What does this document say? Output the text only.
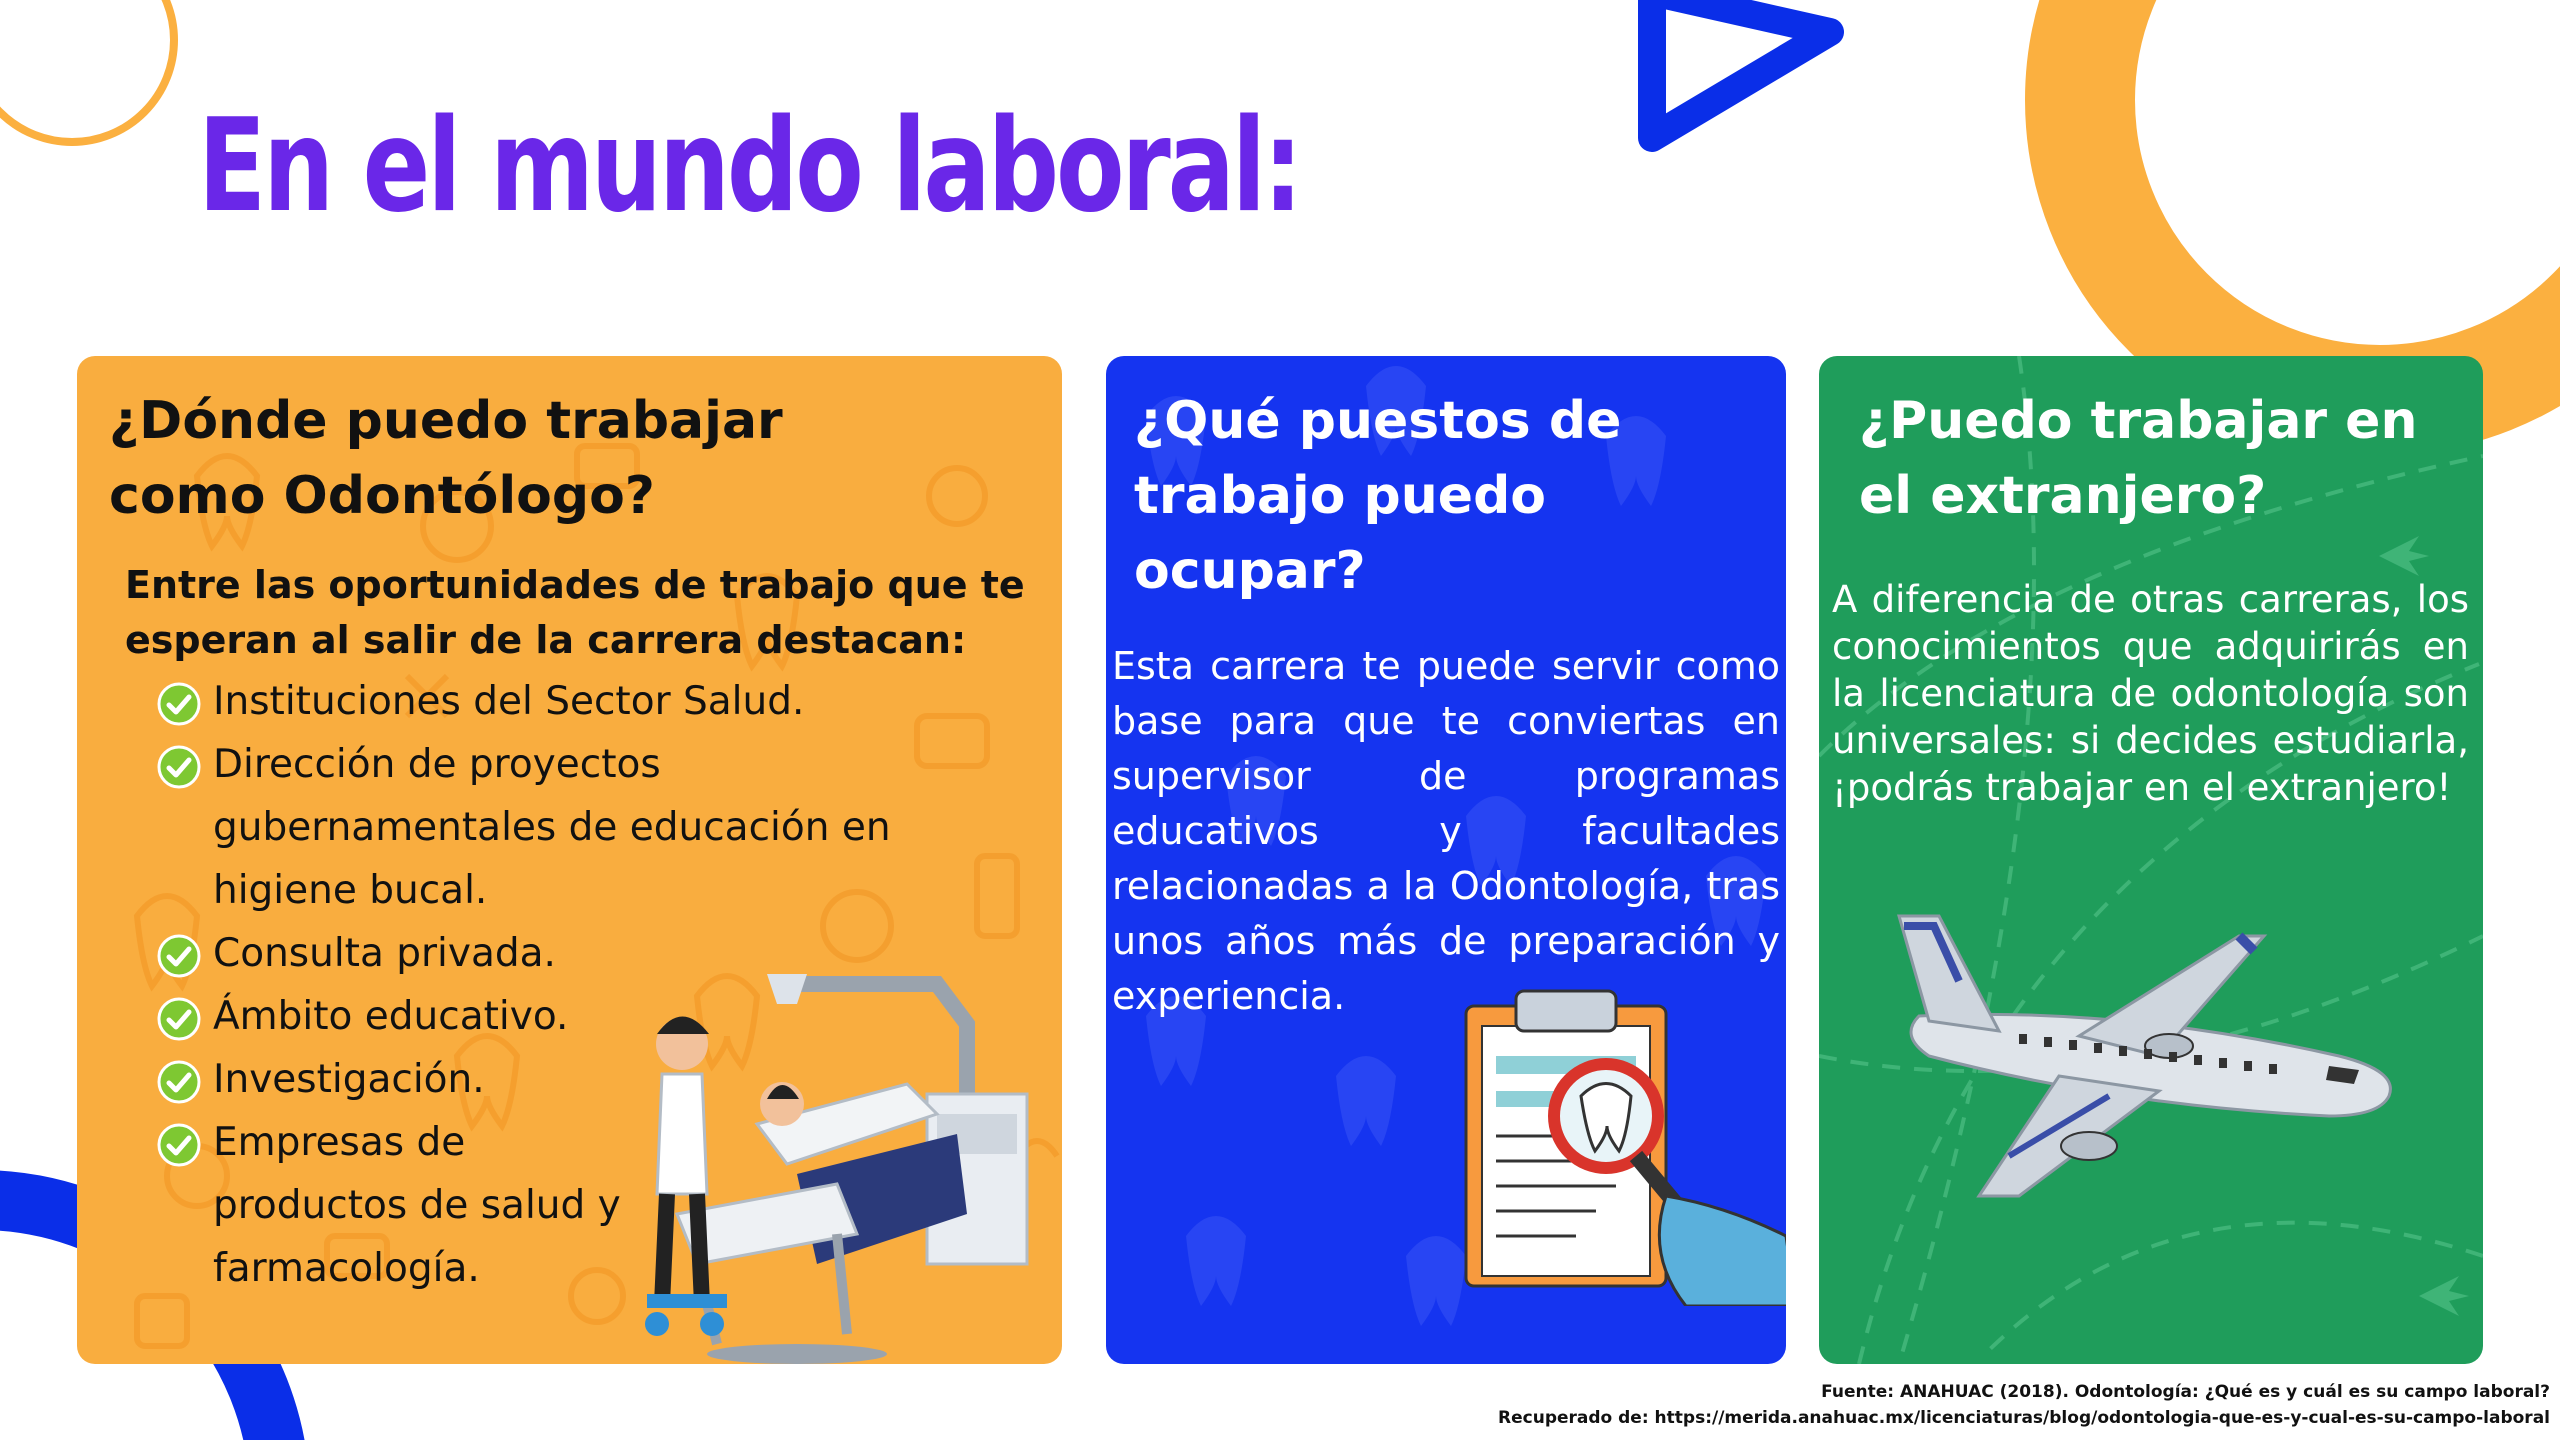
En el mundo laboral:
¿Dónde puedo trabajar como Odontólogo?

Entre las oportunidades de trabajo que te esperan al salir de la carrera destacan:

Instituciones del Sector Salud.
Dirección de proyectos gubernamentales de educación en higiene bucal.
Consulta privada.
Ámbito educativo.
Investigación.
Empresas de productos de salud y farmacología.
¿Qué puestos de trabajo puedo ocupar?

Esta carrera te puede servir como base para que te conviertas en supervisor de programas educativos y facultades relacionadas a la Odontología, tras unos años más de preparación y experiencia.

¿Puedo trabajar en el extranjero?

A diferencia de otras carreras, los conocimientos que adquirirás en la licenciatura de odontología son universales: si decides estudiarla, ¡podrás trabajar en el extranjero!

Fuente: ANAHUAC (2018). Odontología: ¿Qué es y cuál es su campo laboral?
Recuperado de: https://merida.anahuac.mx/licenciaturas/blog/odontologia-que-es-y-cual-es-su-campo-laboral
